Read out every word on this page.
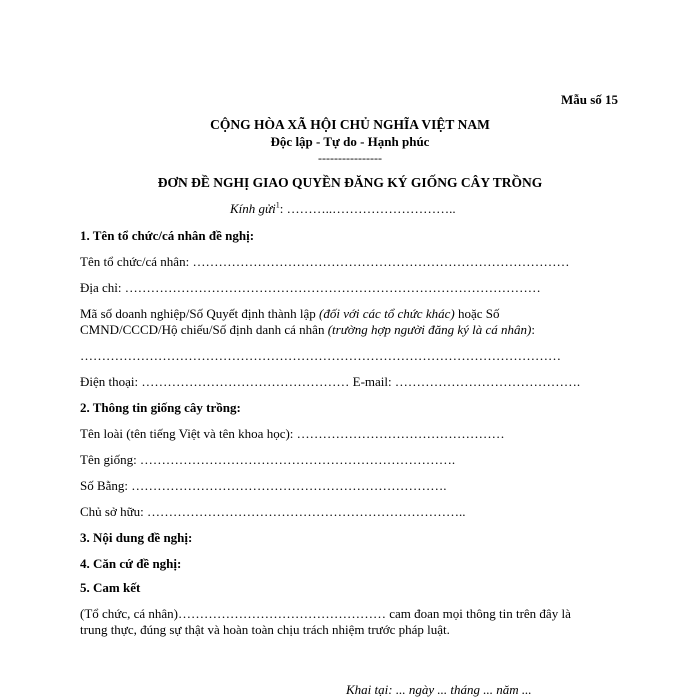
Mẫu số 15
CỘNG HÒA XÃ HỘI CHỦ NGHĨA VIỆT NAM
Độc lập - Tự do - Hạnh phúc
----------------
ĐƠN ĐỀ NGHỊ GIAO QUYỀN ĐĂNG KÝ GIỐNG CÂY TRỒNG
Kính gửi$^1$: ………..………………………..
1. Tên tổ chức/cá nhân đề nghị:
Tên tổ chức/cá nhân: ……………………………………………………………………………
Địa chỉ: ……………………………………………………………………………………
Mã số doanh nghiệp/Số Quyết định thành lập (đối với các tổ chức khác) hoặc Số
CMND/CCCD/Hộ chiếu/Số định danh cá nhân (trường hợp người đăng ký là cá nhân):
…………………………………………………………………………………………………
Điện thoại: ………………………………………… E-mail: …………………………………….
2. Thông tin giống cây trồng:
Tên loài (tên tiếng Việt và tên khoa học): …………………………………………
Tên giống: ……………………………………………………………….
Số Bằng: ……………………………………………………………….
Chủ sở hữu: ………………………………………………………………..
3. Nội dung đề nghị:
4. Căn cứ đề nghị:
5. Cam kết
(Tổ chức, cá nhân)………………………………………… cam đoan mọi thông tin trên đây là
trung thực, đúng sự thật và hoàn toàn chịu trách nhiệm trước pháp luật.
Khai tại: ... ngày ... tháng ... năm ...
